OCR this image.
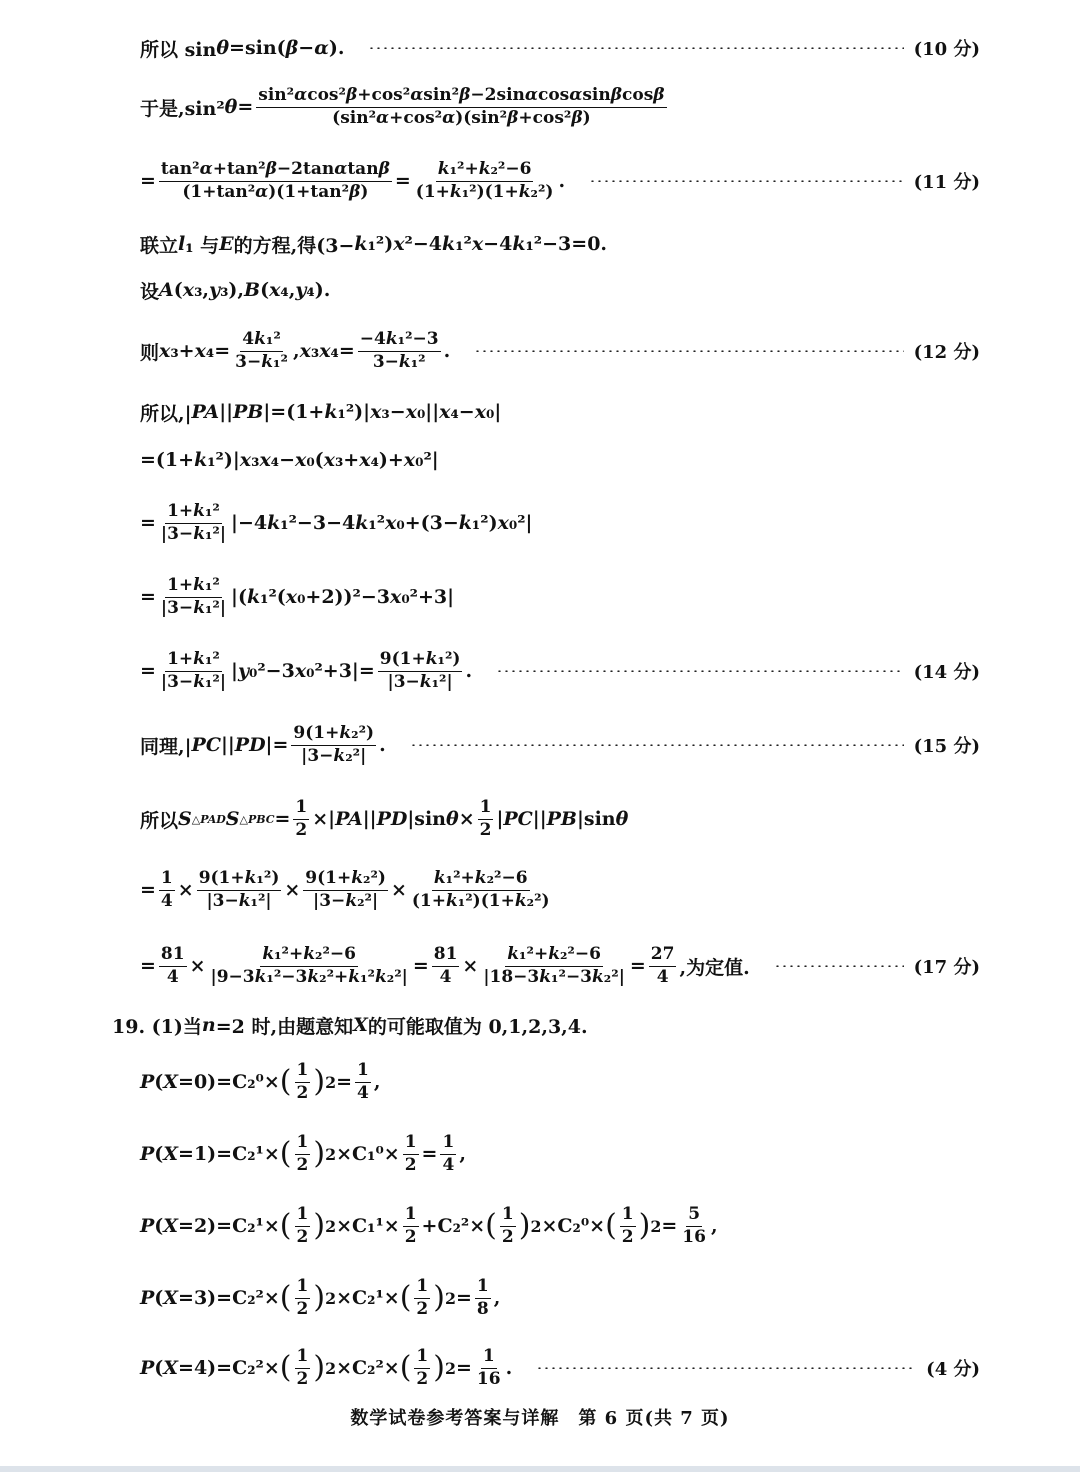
所以 sin θ =sin( β − α ).	(10 分)
于是,sin² $\theta = \frac{\text{sin²αcos²β+cos²αsin²β−2sinαcosαsinβcosβ}}{\text{(sin²α+cos²α)(sin²β+cos²β)}}$
= $\frac{\text{tan²α+tan²β−2tanαtanβ}}{\text{(1+tan²α)(1+tan²β)}} = \frac{\text{k₁²+k₂²−6}}{\text{(1+k₁²)(1+k₂²)}}$ .	(11 分)
联立 l ₁ 与 E 的方程,得(3− k ₁²) x ²−4 k ₁² x −4 k ₁²−3=0.
设 A ( x ₃, y ₃), B ( x ₄, y ₄).
则 x ₃+ x $_4= \frac{\text{4k₁²}}{\text{3−k₁²}}$ , x ₃ x $_4= \frac{\text{−4k₁²−3}}{\text{3−k₁²}}$ .	(12 分)
所以,| PA || PB |=(1+ k ₁²)| x ₃− x ₀|| x ₄− x ₀|
=(1+ k ₁²)| x ₃ x ₄− x ₀( x ₃+ x ₄)+ x ₀²|
= $\frac{\text{1+k₁²}}{\text{|3−k₁²|}} |-4$ k ₁²−3−4 k ₁² x ₀+(3− k ₁²) x ₀²|
= $\frac{\text{1+k₁²}}{\text{|3−k₁²|}}$ |( k ₁²( x ₀+2))²−3 x ₀²+3|
= $\frac{\text{1+k₁²}}{\text{|3−k₁²|}}$ | y ₀²−3 x $_0^2+3|= \frac{\text{9(1+k₁²)}}{\text{|3−k₁²|}}$ .	(14 分)
同理,| PC || PD |= $\frac{\text{9(1+k₂²)}}{\text{|3−k₂²|}}$ .	(15 分)
所以 S △PAD S △PBC = $\frac{1}{2}$ ×| PA || PD |sin $\theta \times \frac{1}{2}$ | PC || PB |sin θ
= $\frac{1}{4} \times \frac{\text{9(1+k₁²)}}{\text{|3−k₁²|}} \times \frac{\text{9(1+k₂²)}}{\text{|3−k₂²|}} \times \frac{\text{k₁²+k₂²−6}}{\text{(1+k₁²)(1+k₂²)}}$
= $\frac{81}{4} \times \frac{\text{k₁²+k₂²−6}}{\text{|9−3k₁²−3k₂²+k₁²k₂²|}} = \frac{81}{4} \times \frac{\text{k₁²+k₂²−6}}{\text{|18−3k₁²−3k₂²|}} = \frac{27}{4}$ ,为定值.	(17 分)
19. (1)当 n =2 时,由题意知 X 的可能取值为 0,1,2,3,4.
P ( X =0)=C₂⁰× ( $\frac{1}{2}$ ) $2 = \frac{1}{4}$ ,
P ( X =1)=C₂¹× ( $\frac{1}{2}$ ) $2 \times C_1^0\times \frac{1}{2} = \frac{1}{4}$ ,
P ( X =2)=C₂¹× ( $\frac{1}{2}$ ) $2 \times C_1^1\times \frac{1}{2} +C_2^2\times$ ( $\frac{1}{2}$ ) 2 ×C₂⁰× ( $\frac{1}{2}$ ) $2 = \frac{5}{16}$ ,
P ( X =3)=C₂²× ( $\frac{1}{2}$ ) 2 ×C₂¹× ( $\frac{1}{2}$ ) $2 = \frac{1}{8}$ ,
P ( X =4)=C₂²× ( $\frac{1}{2}$ ) 2 ×C₂²× ( $\frac{1}{2}$ ) $2 = \frac{1}{16}$ .	(4 分)
数学试卷参考答案与详解　第 6 页(共 7 页)
